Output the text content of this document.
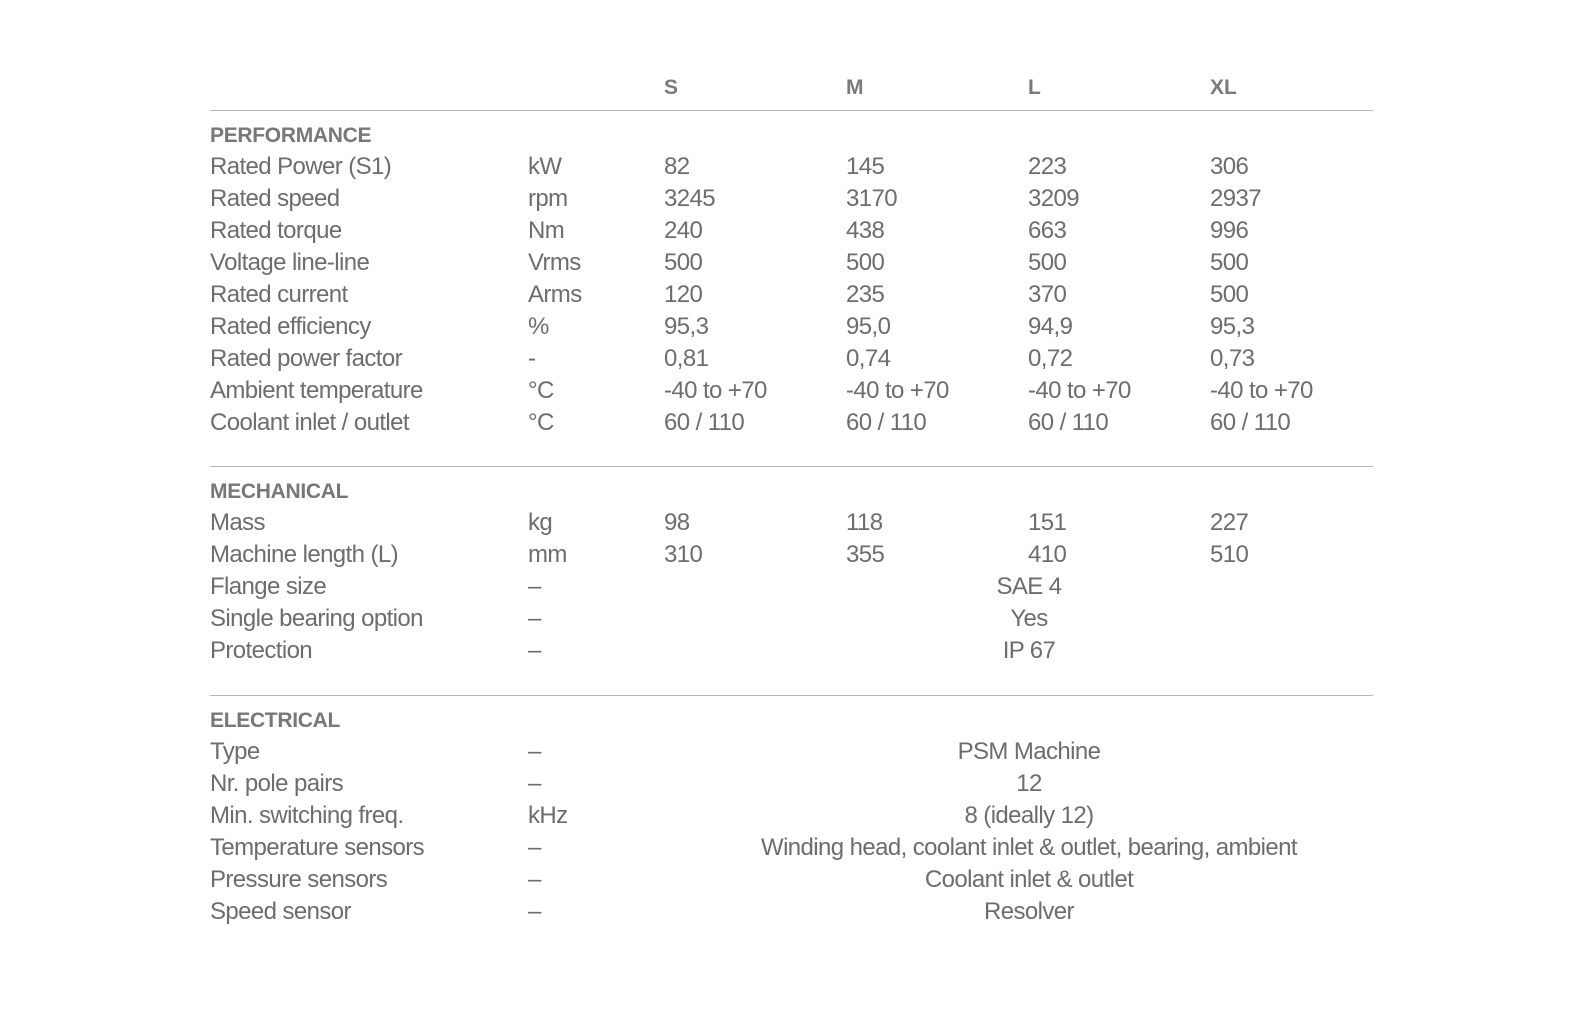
S	M	L	XL
PERFORMANCE
Rated Power (S1)	kW	82	145	223	306
Rated speed	rpm	3245	3170	3209	2937
Rated torque	Nm	240	438	663	996
Voltage line-line	Vrms	500	500	500	500
Rated current	Arms	120	235	370	500
Rated efficiency	%	95,3	95,0	94,9	95,3
Rated power factor	-	0,81	0,74	0,72	0,73
Ambient temperature	°C	-40 to +70	-40 to +70	-40 to +70	-40 to +70
Coolant inlet / outlet	°C	60 / 110	60 / 110	60 / 110	60 / 110
MECHANICAL
Mass	kg	98	118	151	227
Machine length (L)	mm	310	355	410	510
Flange size	–	SAE 4
Single bearing option	–	Yes
Protection	–	IP 67
ELECTRICAL
Type	–	PSM Machine
Nr. pole pairs	–	12
Min. switching freq.	kHz	8 (ideally 12)
Temperature sensors	–	Winding head, coolant inlet & outlet, bearing, ambient
Pressure sensors	–	Coolant inlet & outlet
Speed sensor	–	Resolver
